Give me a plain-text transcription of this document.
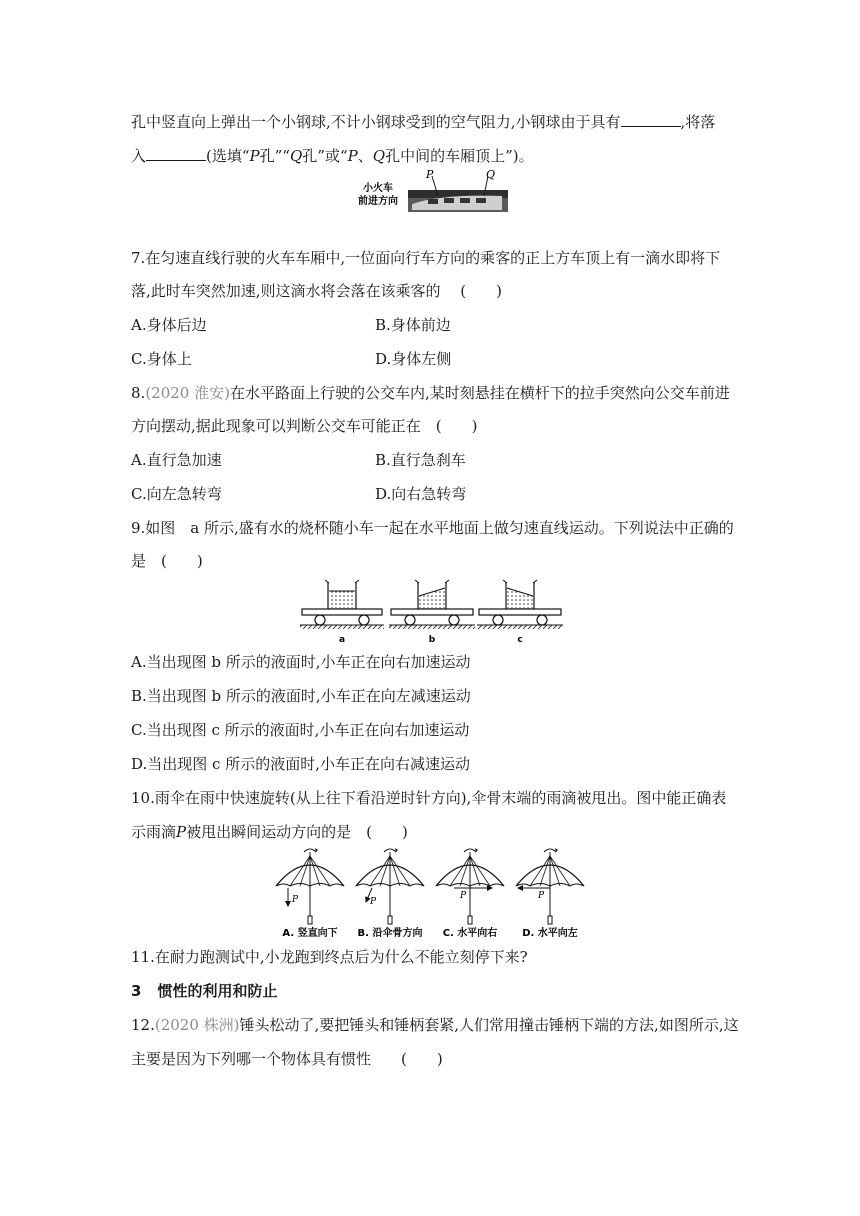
孔中竖直向上弹出一个小钢球,不计小钢球受到的空气阻力,小钢球由于具有	,将落
入	(选填“P孔”“Q孔”或“P、Q孔中间的车厢顶上”)。
小火车
前进方向
P	Q
7.在匀速直线行驶的火车车厢中,一位面向行车方向的乘客的正上方车顶上有一滴水即将下
落,此时车突然加速,则这滴水将会落在该乘客的　 (　　)
A.身体后边	B.身体前边
C.身体上	D.身体左侧
8.(2020 淮安)在水平路面上行驶的公交车内,某时刻悬挂在横杆下的拉手突然向公交车前进
方向摆动,据此现象可以判断公交车可能正在　(　　)
A.直行急加速	B.直行急刹车
C.向左急转弯	D.向右急转弯
9.如图　a 所示,盛有水的烧杯随小车一起在水平地面上做匀速直线运动。下列说法中正确的
是　(　　)
a	b	c
A.当出现图 b 所示的液面时,小车正在向右加速运动
B.当出现图 b 所示的液面时,小车正在向左减速运动
C.当出现图 c 所示的液面时,小车正在向右加速运动
D.当出现图 c 所示的液面时,小车正在向右减速运动
10.雨伞在雨中快速旋转(从上往下看沿逆时针方向),伞骨末端的雨滴被甩出。图中能正确表
示雨滴P被甩出瞬间运动方向的是　(　　)
P	P
P	P
A. 竖直向下 B. 沿伞骨方向 C. 水平向右 D. 水平向左
11.在耐力跑测试中,小龙跑到终点后为什么不能立刻停下来?
3 惯性的利用和防止
12.(2020 株洲)锤头松动了,要把锤头和锤柄套紧,人们常用撞击锤柄下端的方法,如图所示,这
主要是因为下列哪一个物体具有惯性　　(　　)
